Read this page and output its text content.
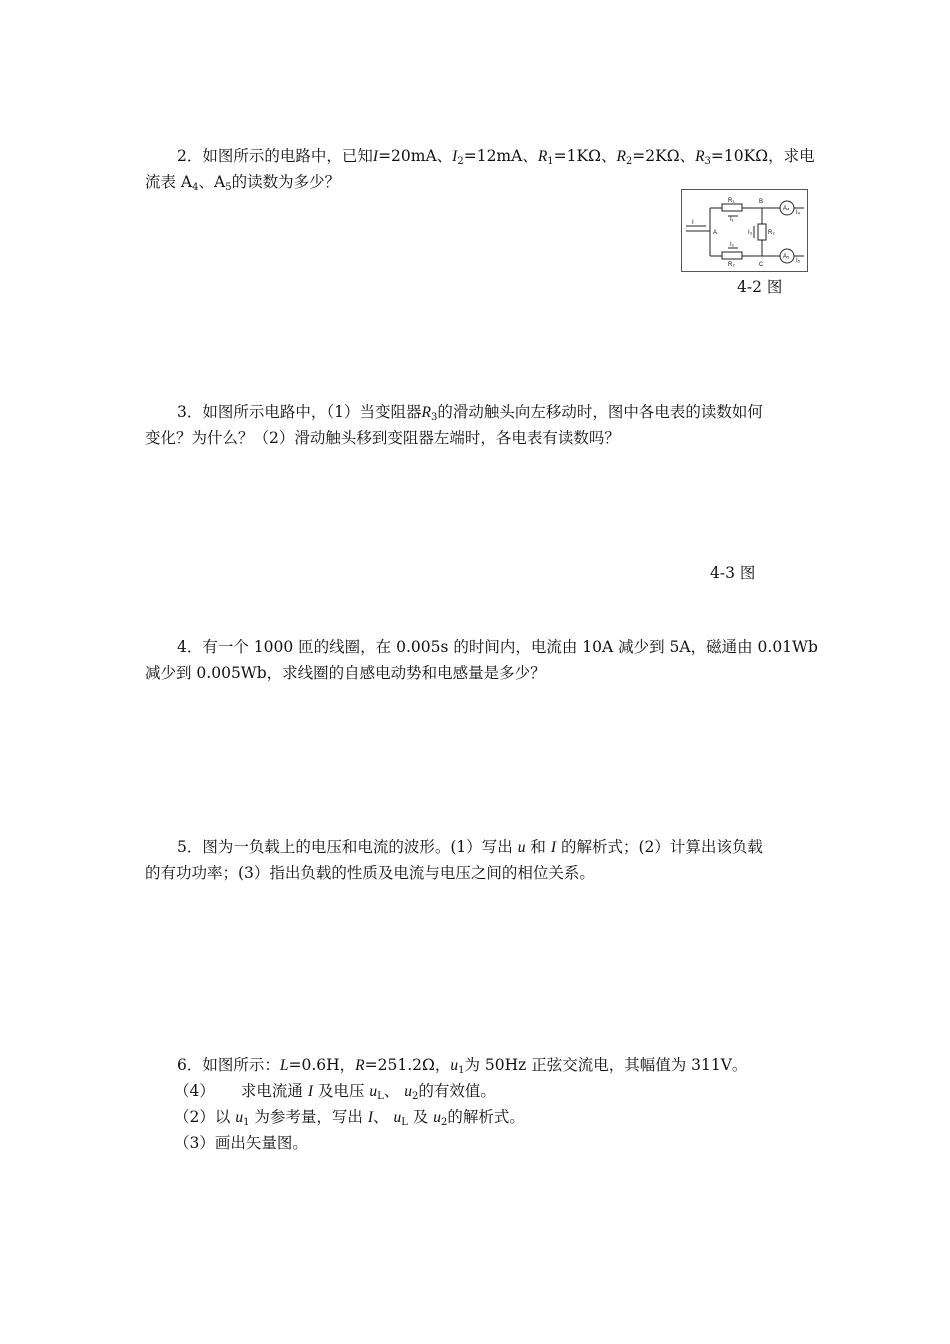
2．如图所示的电路中，已知I=20mA、$I_2=12mA$、$R_1=1K\Omega$、$R_2=2K\Omega$、$R_3=10K\Omega$，求电
流表 $A_4$、$A_5$的读数为多少？
I
A
B
C
R₁
R₂
R₃
A₄
A₅
I₁
I₂
I₃
I₄
I₅
4-2 图
3．如图所示电路中，（1）当变阻器$R_3$的滑动触头向左移动时，图中各电表的读数如何
变化？为什么？（2）滑动触头移到变阻器左端时，各电表有读数吗？
4-3 图
4．有一个 1000 匝的线圈，在 0.005s 的时间内，电流由 10A 减少到 5A，磁通由 0.01Wb
减少到 0.005Wb，求线圈的自感电动势和电感量是多少？
5．图为一负载上的电压和电流的波形。(1）写出 u 和 I 的解析式；(2）计算出该负载
的有功功率；(3）指出负载的性质及电流与电压之间的相位关系。
6．如图所示：L=0.6H，R=251.2Ω，$u_1$为 50Hz 正弦交流电，其幅值为 311V。
（4） 求电流通 I 及电压 $u_L$、 $u_2$的有效值。
（2）以 $u_1$ 为参考量，写出 I、 $u_L$ 及 $u_2$的解析式。
（3）画出矢量图。
